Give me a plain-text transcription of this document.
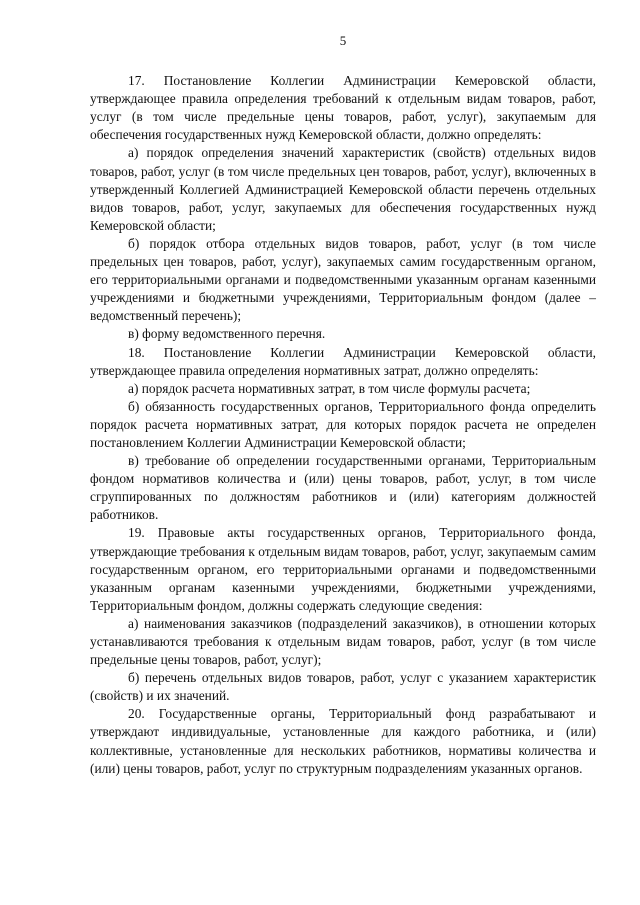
5

17. Постановление Коллегии Администрации Кемеровской области, утверждающее правила определения требований к отдельным видам товаров, работ, услуг (в том числе предельные цены товаров, работ, услуг), закупаемым для обеспечения государственных нужд Кемеровской области, должно определять:

а) порядок определения значений характеристик (свойств) отдельных видов товаров, работ, услуг (в том числе предельных цен товаров, работ, услуг), включенных в утвержденный Коллегией Администрацией Кемеровской области перечень отдельных видов товаров, работ, услуг, закупаемых для обеспечения государственных нужд Кемеровской области;

б) порядок отбора отдельных видов товаров, работ, услуг (в том числе предельных цен товаров, работ, услуг), закупаемых самим государственным органом, его территориальными органами и подведомственными указанным органам казенными учреждениями и бюджетными учреждениями, Территориальным фондом (далее – ведомственный перечень);

в) форму ведомственного перечня.

18. Постановление Коллегии Администрации Кемеровской области, утверждающее правила определения нормативных затрат, должно определять:

а) порядок расчета нормативных затрат, в том числе формулы расчета;

б) обязанность государственных органов, Территориального фонда определить порядок расчета нормативных затрат, для которых порядок расчета не определен постановлением Коллегии Администрации Кемеровской области;

в) требование об определении государственными органами, Территориальным фондом нормативов количества и (или) цены товаров, работ, услуг, в том числе сгруппированных по должностям работников и (или) категориям должностей работников.

19. Правовые акты государственных органов, Территориального фонда, утверждающие требования к отдельным видам товаров, работ, услуг, закупаемым самим государственным органом, его территориальными органами и подведомственными указанным органам казенными учреждениями, бюджетными учреждениями, Территориальным фондом, должны содержать следующие сведения:

а) наименования заказчиков (подразделений заказчиков), в отношении которых устанавливаются требования к отдельным видам товаров, работ, услуг (в том числе предельные цены товаров, работ, услуг);

б) перечень отдельных видов товаров, работ, услуг с указанием характеристик (свойств) и их значений.

20. Государственные органы, Территориальный фонд разрабатывают и утверждают индивидуальные, установленные для каждого работника, и (или) коллективные, установленные для нескольких работников, нормативы количества и (или) цены товаров, работ, услуг по структурным подразделениям указанных органов.
